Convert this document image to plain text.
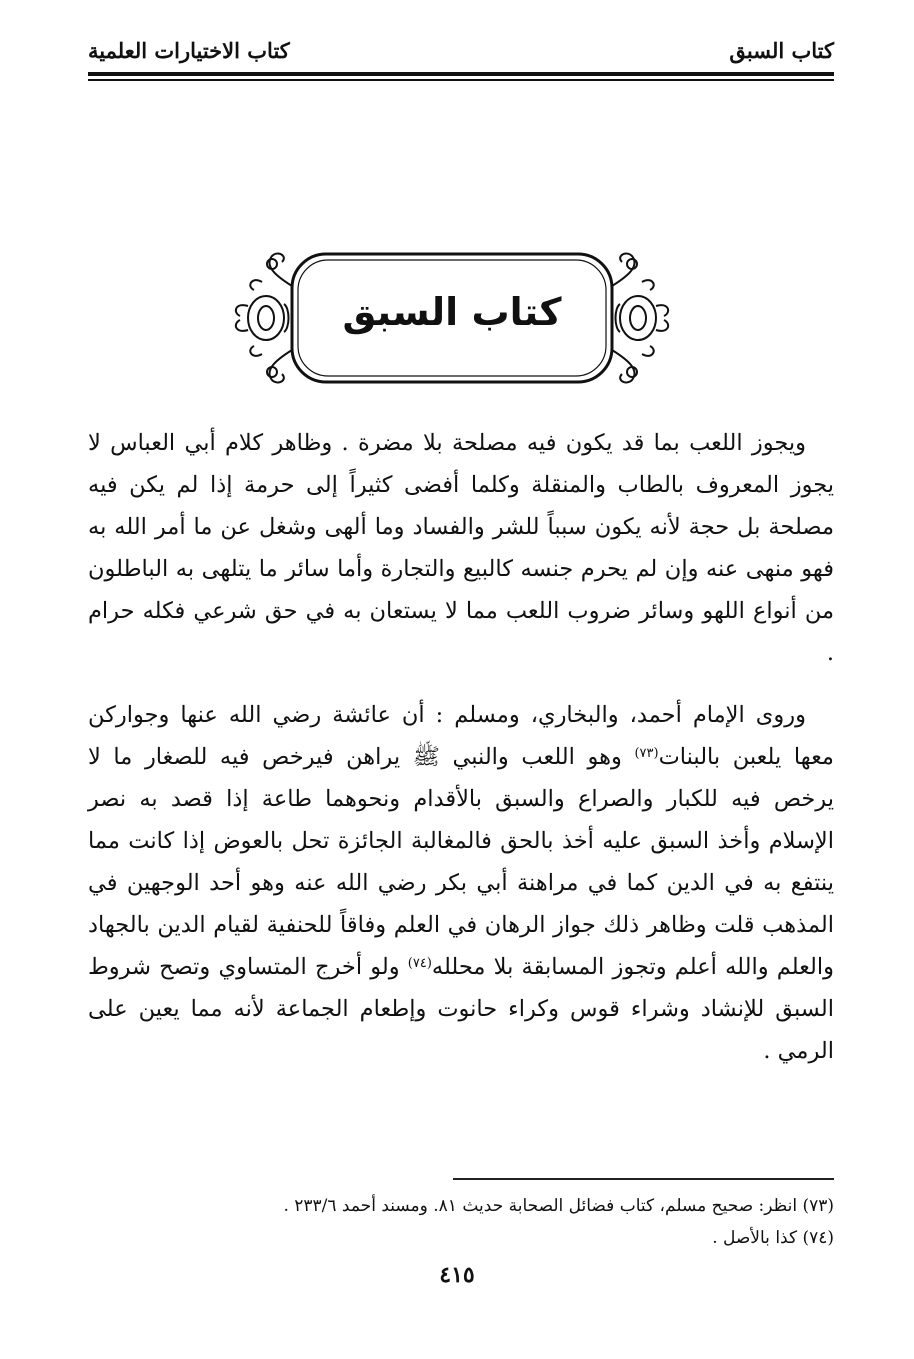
كتاب السبق
كتاب الاختيارات العلمية
كتاب السبق

ويجوز اللعب بما قد يكون فيه مصلحة بلا مضرة . وظاهر كلام أبي العباس لا يجوز المعروف بالطاب والمنقلة وكلما أفضى كثيراً إلى حرمة إذا لم يكن فيه مصلحة بل حجة لأنه يكون سبباً للشر والفساد وما ألهى وشغل عن ما أمر الله به فهو منهى عنه وإن لم يحرم جنسه كالبيع والتجارة وأما سائر ما يتلهى به الباطلون من أنواع اللهو وسائر ضروب اللعب مما لا يستعان به في حق شرعي فكله حرام .

وروى الإمام أحمد، والبخاري، ومسلم : أن عائشة رضي الله عنها وجواركن معها يلعبن بالبنات$^{(٧٣)}$ وهو اللعب والنبي ﷺ يراهن فيرخص فيه للصغار ما لا يرخص فيه للكبار والصراع والسبق بالأقدام ونحوهما طاعة إذا قصد به نصر الإسلام وأخذ السبق عليه أخذ بالحق فالمغالبة الجائزة تحل بالعوض إذا كانت مما ينتفع به في الدين كما في مراهنة أبي بكر رضي الله عنه وهو أحد الوجهين في المذهب قلت وظاهر ذلك جواز الرهان في العلم وفاقاً للحنفية لقيام الدين بالجهاد والعلم والله أعلم وتجوز المسابقة بلا محلله$^{(٧٤)}$ ولو أخرج المتساوي وتصح شروط السبق للإنشاد وشراء قوس وكراء حانوت وإطعام الجماعة لأنه مما يعين على الرمي .

(٧٣) انظر: صحيح مسلم، كتاب فضائل الصحابة حديث ٨١. ومسند أحمد ٢٣٣/٦ .
(٧٤) كذا بالأصل .
٤١٥
